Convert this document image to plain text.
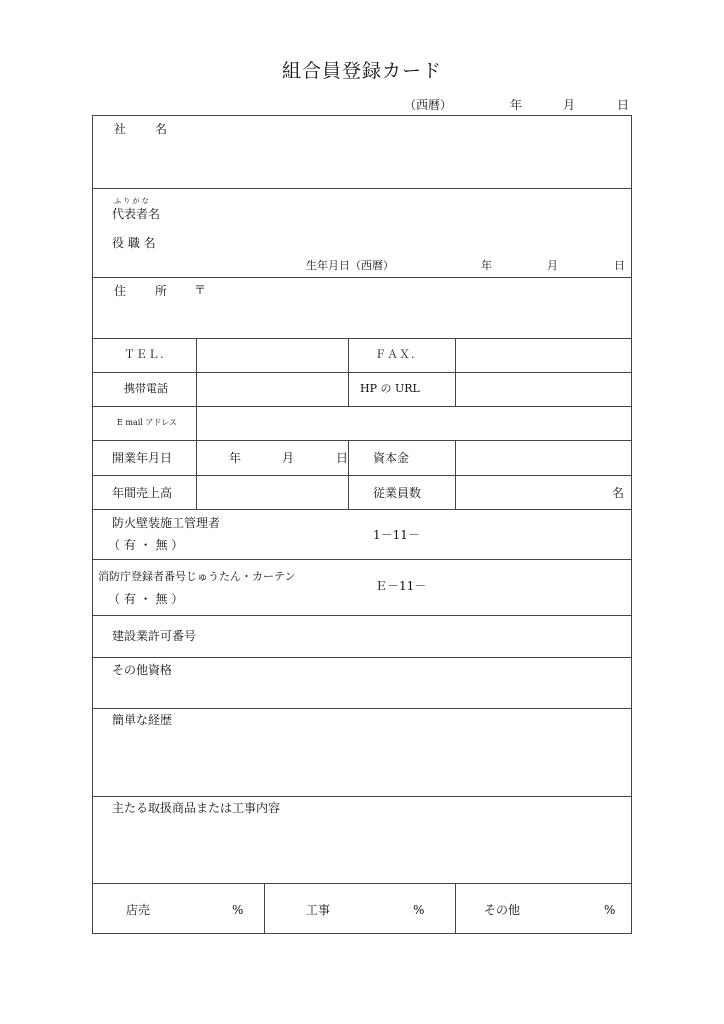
組合員登録カード
（西暦）	年	月	日
社 名
ふ り が な
代表者名
役 職 名
生年月日（西暦）	年	月	日
住 所 〒
ＴＥＬ.	ＦＡＸ.
携帯電話	HP の URL
E mail アドレス
開業年月日	年	月	日 資本金
年間売上高	従業員数	名
防火壁装施工管理者
（ 有 ・ 無 ）
1－11－
消防庁登録者番号じゅうたん・カーテン
（ 有 ・ 無 ）
Ｅ－11－
建設業許可番号
その他資格
簡単な経歴
主たる取扱商品または工事内容
店売	%	工事	%	その他	%
